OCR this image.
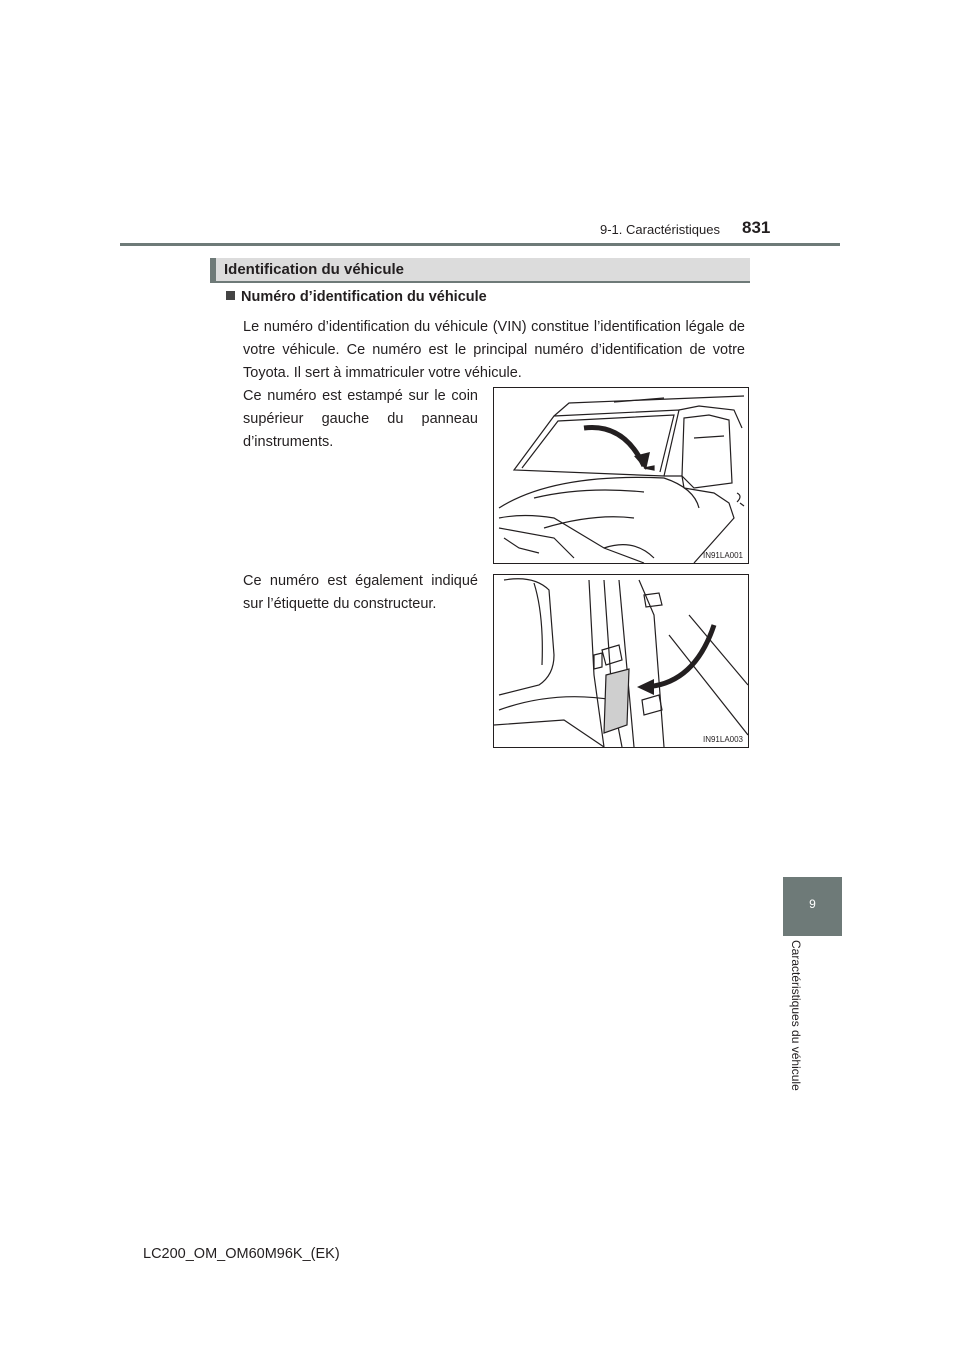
9-1. Caractéristiques 831
Identification du véhicule
Numéro d’identification du véhicule
Le numéro d’identification du véhicule (VIN) constitue l’identification légale de votre véhicule. Ce numéro est le principal numéro d’identification de votre Toyota. Il sert à immatriculer votre véhicule.
Ce numéro est estampé sur le coin supérieur gauche du panneau d’instruments.
Ce numéro est également indiqué sur l’étiquette du constructeur.
IN91LA001
IN91LA003
9
Caractéristiques du véhicule
LC200_OM_OM60M96K_(EK)
